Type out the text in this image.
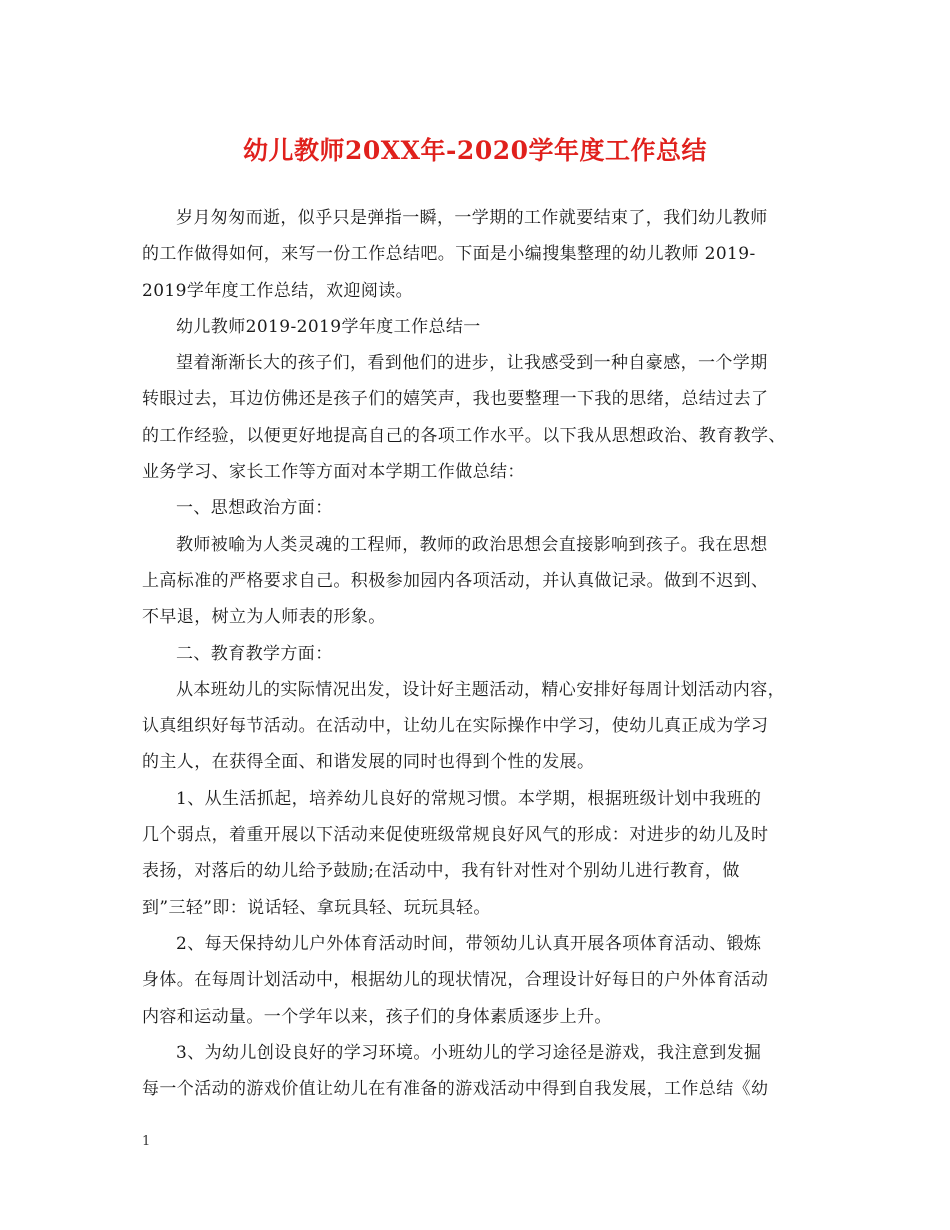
幼儿教师20XX年-2020学年度工作总结
岁月匆匆而逝，似乎只是弹指一瞬，一学期的工作就要结束了，我们幼儿教师
的工作做得如何，来写一份工作总结吧。下面是小编搜集整理的幼儿教师 2019-
2019学年度工作总结，欢迎阅读。
幼儿教师2019-2019学年度工作总结一
望着渐渐长大的孩子们，看到他们的进步，让我感受到一种自豪感，一个学期
转眼过去，耳边仿佛还是孩子们的嬉笑声，我也要整理一下我的思绪，总结过去了
的工作经验，以便更好地提高自己的各项工作水平。以下我从思想政治、教育教学、
业务学习、家长工作等方面对本学期工作做总结：
一、思想政治方面：
教师被喻为人类灵魂的工程师，教师的政治思想会直接影响到孩子。我在思想
上高标准的严格要求自己。积极参加园内各项活动，并认真做记录。做到不迟到、
不早退，树立为人师表的形象。
二、教育教学方面：
从本班幼儿的实际情况出发，设计好主题活动，精心安排好每周计划活动内容，
认真组织好每节活动。在活动中，让幼儿在实际操作中学习，使幼儿真正成为学习
的主人，在获得全面、和谐发展的同时也得到个性的发展。
1、从生活抓起，培养幼儿良好的常规习惯。本学期，根据班级计划中我班的
几个弱点，着重开展以下活动来促使班级常规良好风气的形成：对进步的幼儿及时
表扬，对落后的幼儿给予鼓励;在活动中，我有针对性对个别幼儿进行教育，做
到”三轻”即：说话轻、拿玩具轻、玩玩具轻。
2、每天保持幼儿户外体育活动时间，带领幼儿认真开展各项体育活动、锻炼
身体。在每周计划活动中，根据幼儿的现状情况，合理设计好每日的户外体育活动
内容和运动量。一个学年以来，孩子们的身体素质逐步上升。
3、为幼儿创设良好的学习环境。小班幼儿的学习途径是游戏，我注意到发掘
每一个活动的游戏价值让幼儿在有准备的游戏活动中得到自我发展，工作总结《幼
1
